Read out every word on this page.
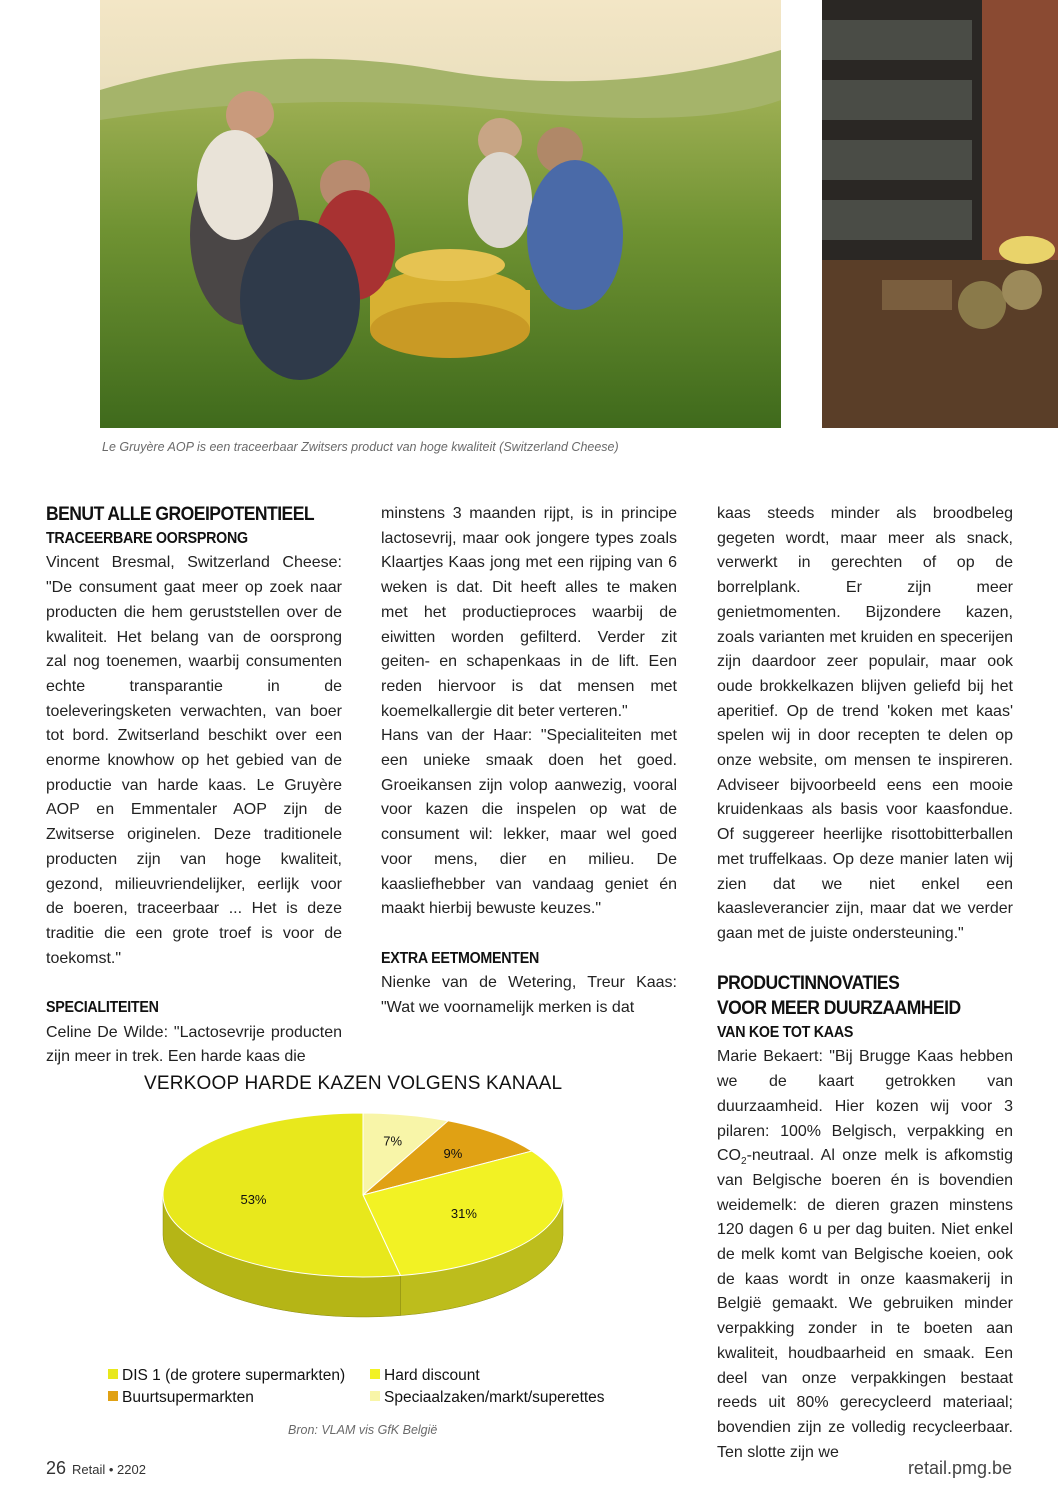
Le Gruyère AOP is een traceerbaar Zwitsers product van hoge kwaliteit (Switzerland Cheese)
BENUT ALLE GROEIPOTENTIEEL
TRACEERBARE OORSPRONG

Vincent Bresmal, Switzerland Cheese: "De consument gaat meer op zoek naar producten die hem geruststellen over de kwaliteit. Het belang van de oorsprong zal nog toenemen, waarbij consumenten echte transparantie in de toeleveringsketen verwachten, van boer tot bord. Zwitserland beschikt over een enorme knowhow op het gebied van de productie van harde kaas. Le Gruyère AOP en Emmentaler AOP zijn de Zwitserse originelen. Deze traditionele producten zijn van hoge kwaliteit, gezond, milieuvriendelijker, eerlijk voor de boeren, traceerbaar ... Het is deze traditie die een grote troef is voor de toekomst."

SPECIALITEITEN

Celine De Wilde: "Lactosevrije producten zijn meer in trek. Een harde kaas die

minstens 3 maanden rijpt, is in principe lactosevrij, maar ook jongere types zoals Klaartjes Kaas jong met een rijping van 6 weken is dat. Dit heeft alles te maken met het productieproces waarbij de eiwitten worden gefilterd. Verder zit geiten- en schapenkaas in de lift. Een reden hiervoor is dat mensen met koemelkallergie dit beter verteren."

Hans van der Haar: "Specialiteiten met een unieke smaak doen het goed. Groeikansen zijn volop aanwezig, vooral voor kazen die inspelen op wat de consument wil: lekker, maar wel goed voor mens, dier en milieu. De kaasliefhebber van vandaag geniet én maakt hierbij bewuste keuzes."

EXTRA EETMOMENTEN

Nienke van de Wetering, Treur Kaas: "Wat we voornamelijk merken is dat

kaas steeds minder als broodbeleg gegeten wordt, maar meer als snack, verwerkt in gerechten of op de borrelplank. Er zijn meer genietmomenten. Bijzondere kazen, zoals varianten met kruiden en specerijen zijn daardoor zeer populair, maar ook oude brokkelkazen blijven geliefd bij het aperitief. Op de trend 'koken met kaas' spelen wij in door recepten te delen op onze website, om mensen te inspireren. Adviseer bijvoorbeeld eens een mooie kruidenkaas als basis voor kaasfondue. Of suggereer heerlijke risottobitterballen met truffelkaas. Op deze manier laten wij zien dat we niet enkel een kaasleverancier zijn, maar dat we verder gaan met de juiste ondersteuning."

PRODUCTINNOVATIES
VOOR MEER DUURZAAMHEID
VAN KOE TOT KAAS

Marie Bekaert: "Bij Brugge Kaas hebben we de kaart getrokken van duurzaamheid. Hier kozen wij voor 3 pilaren: 100% Belgisch, verpakking en $CO_2$-neutraal. Al onze melk is afkomstig van Belgische boeren én is bovendien weidemelk: de dieren grazen minstens 120 dagen 6 u per dag buiten. Niet enkel de melk komt van Belgische koeien, ook de kaas wordt in onze kaasmakerij in België gemaakt. We gebruiken minder verpakking zonder in te boeten aan kwaliteit, houdbaarheid en smaak. Een deel van onze verpakkingen bestaat reeds uit 80% gerecycleerd materiaal; bovendien zijn ze volledig recycleerbaar. Ten slotte zijn we

VERKOOP HARDE KAZEN VOLGENS KANAAL
7%
9%
31%
53%
DIS 1 (de grotere supermarkten)	Hard discount
Buurtsupermarkten	Speciaalzaken/markt/superettes
Bron: VLAM vis GfK België
26 Retail • 2202	retail.pmg.be
